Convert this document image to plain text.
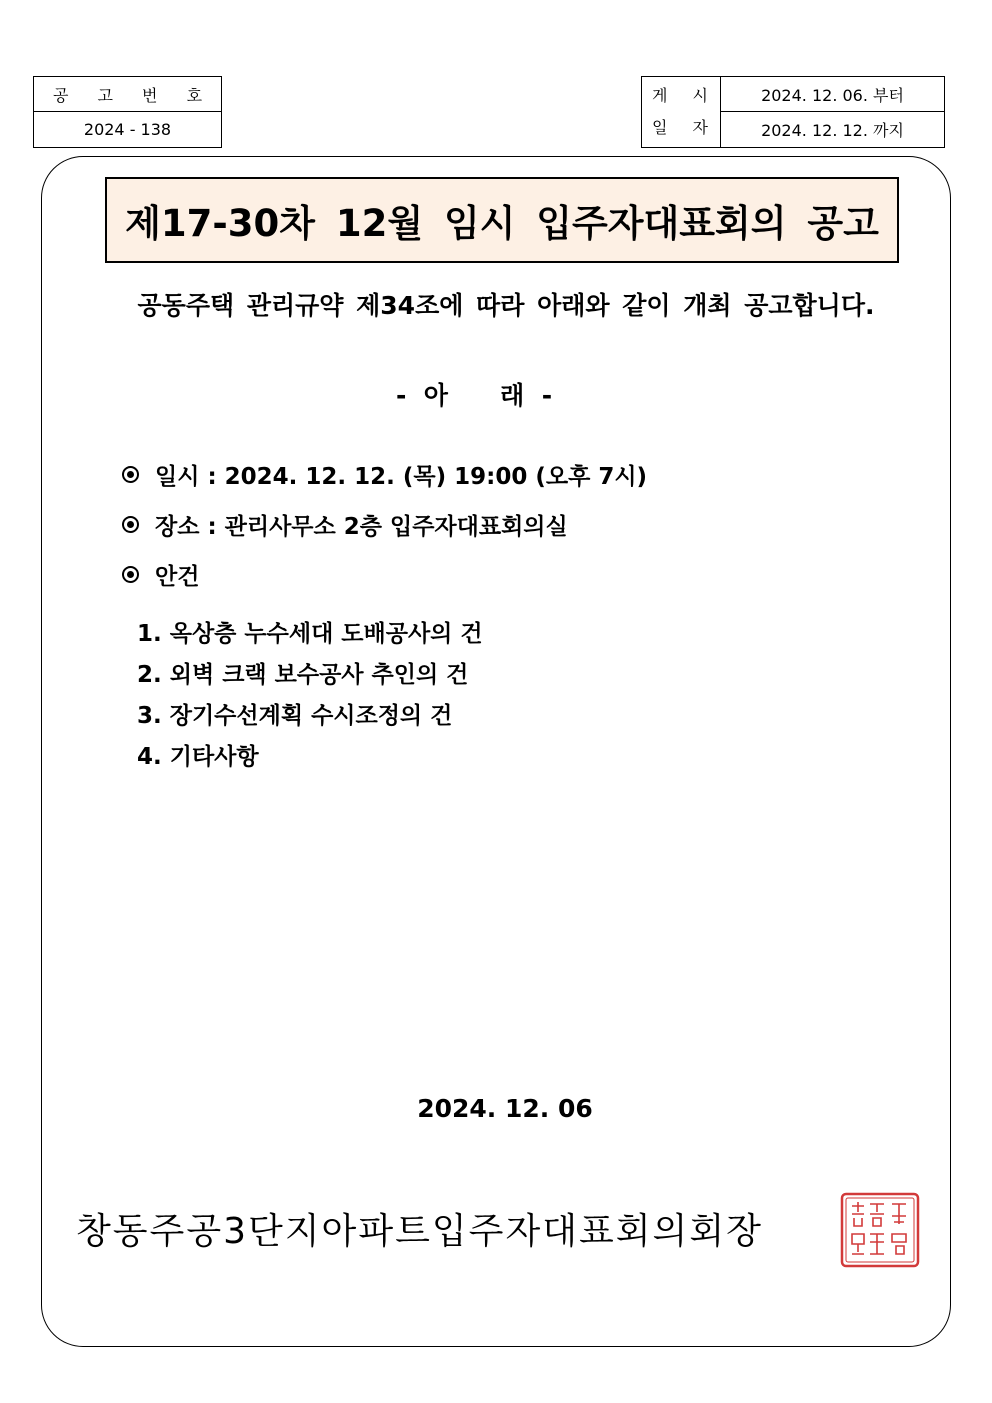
공 고 번 호
2024 - 138
게 시
일 자
2024. 12. 06. 부터
2024. 12. 12. 까지
제17-30차 12월 임시 입주자대표회의 공고
공동주택 관리규약 제34조에 따라 아래와 같이 개최 공고합니다.
-  아      래  -
일시 : 2024. 12. 12. (목) 19:00 (오후 7시)
장소 : 관리사무소 2층 입주자대표회의실
안건
1. 옥상층 누수세대 도배공사의 건
2. 외벽 크랙 보수공사 추인의 건
3. 장기수선계획 수시조정의 건
4. 기타사항
2024. 12. 06
창동주공3단지아파트입주자대표회의회장
